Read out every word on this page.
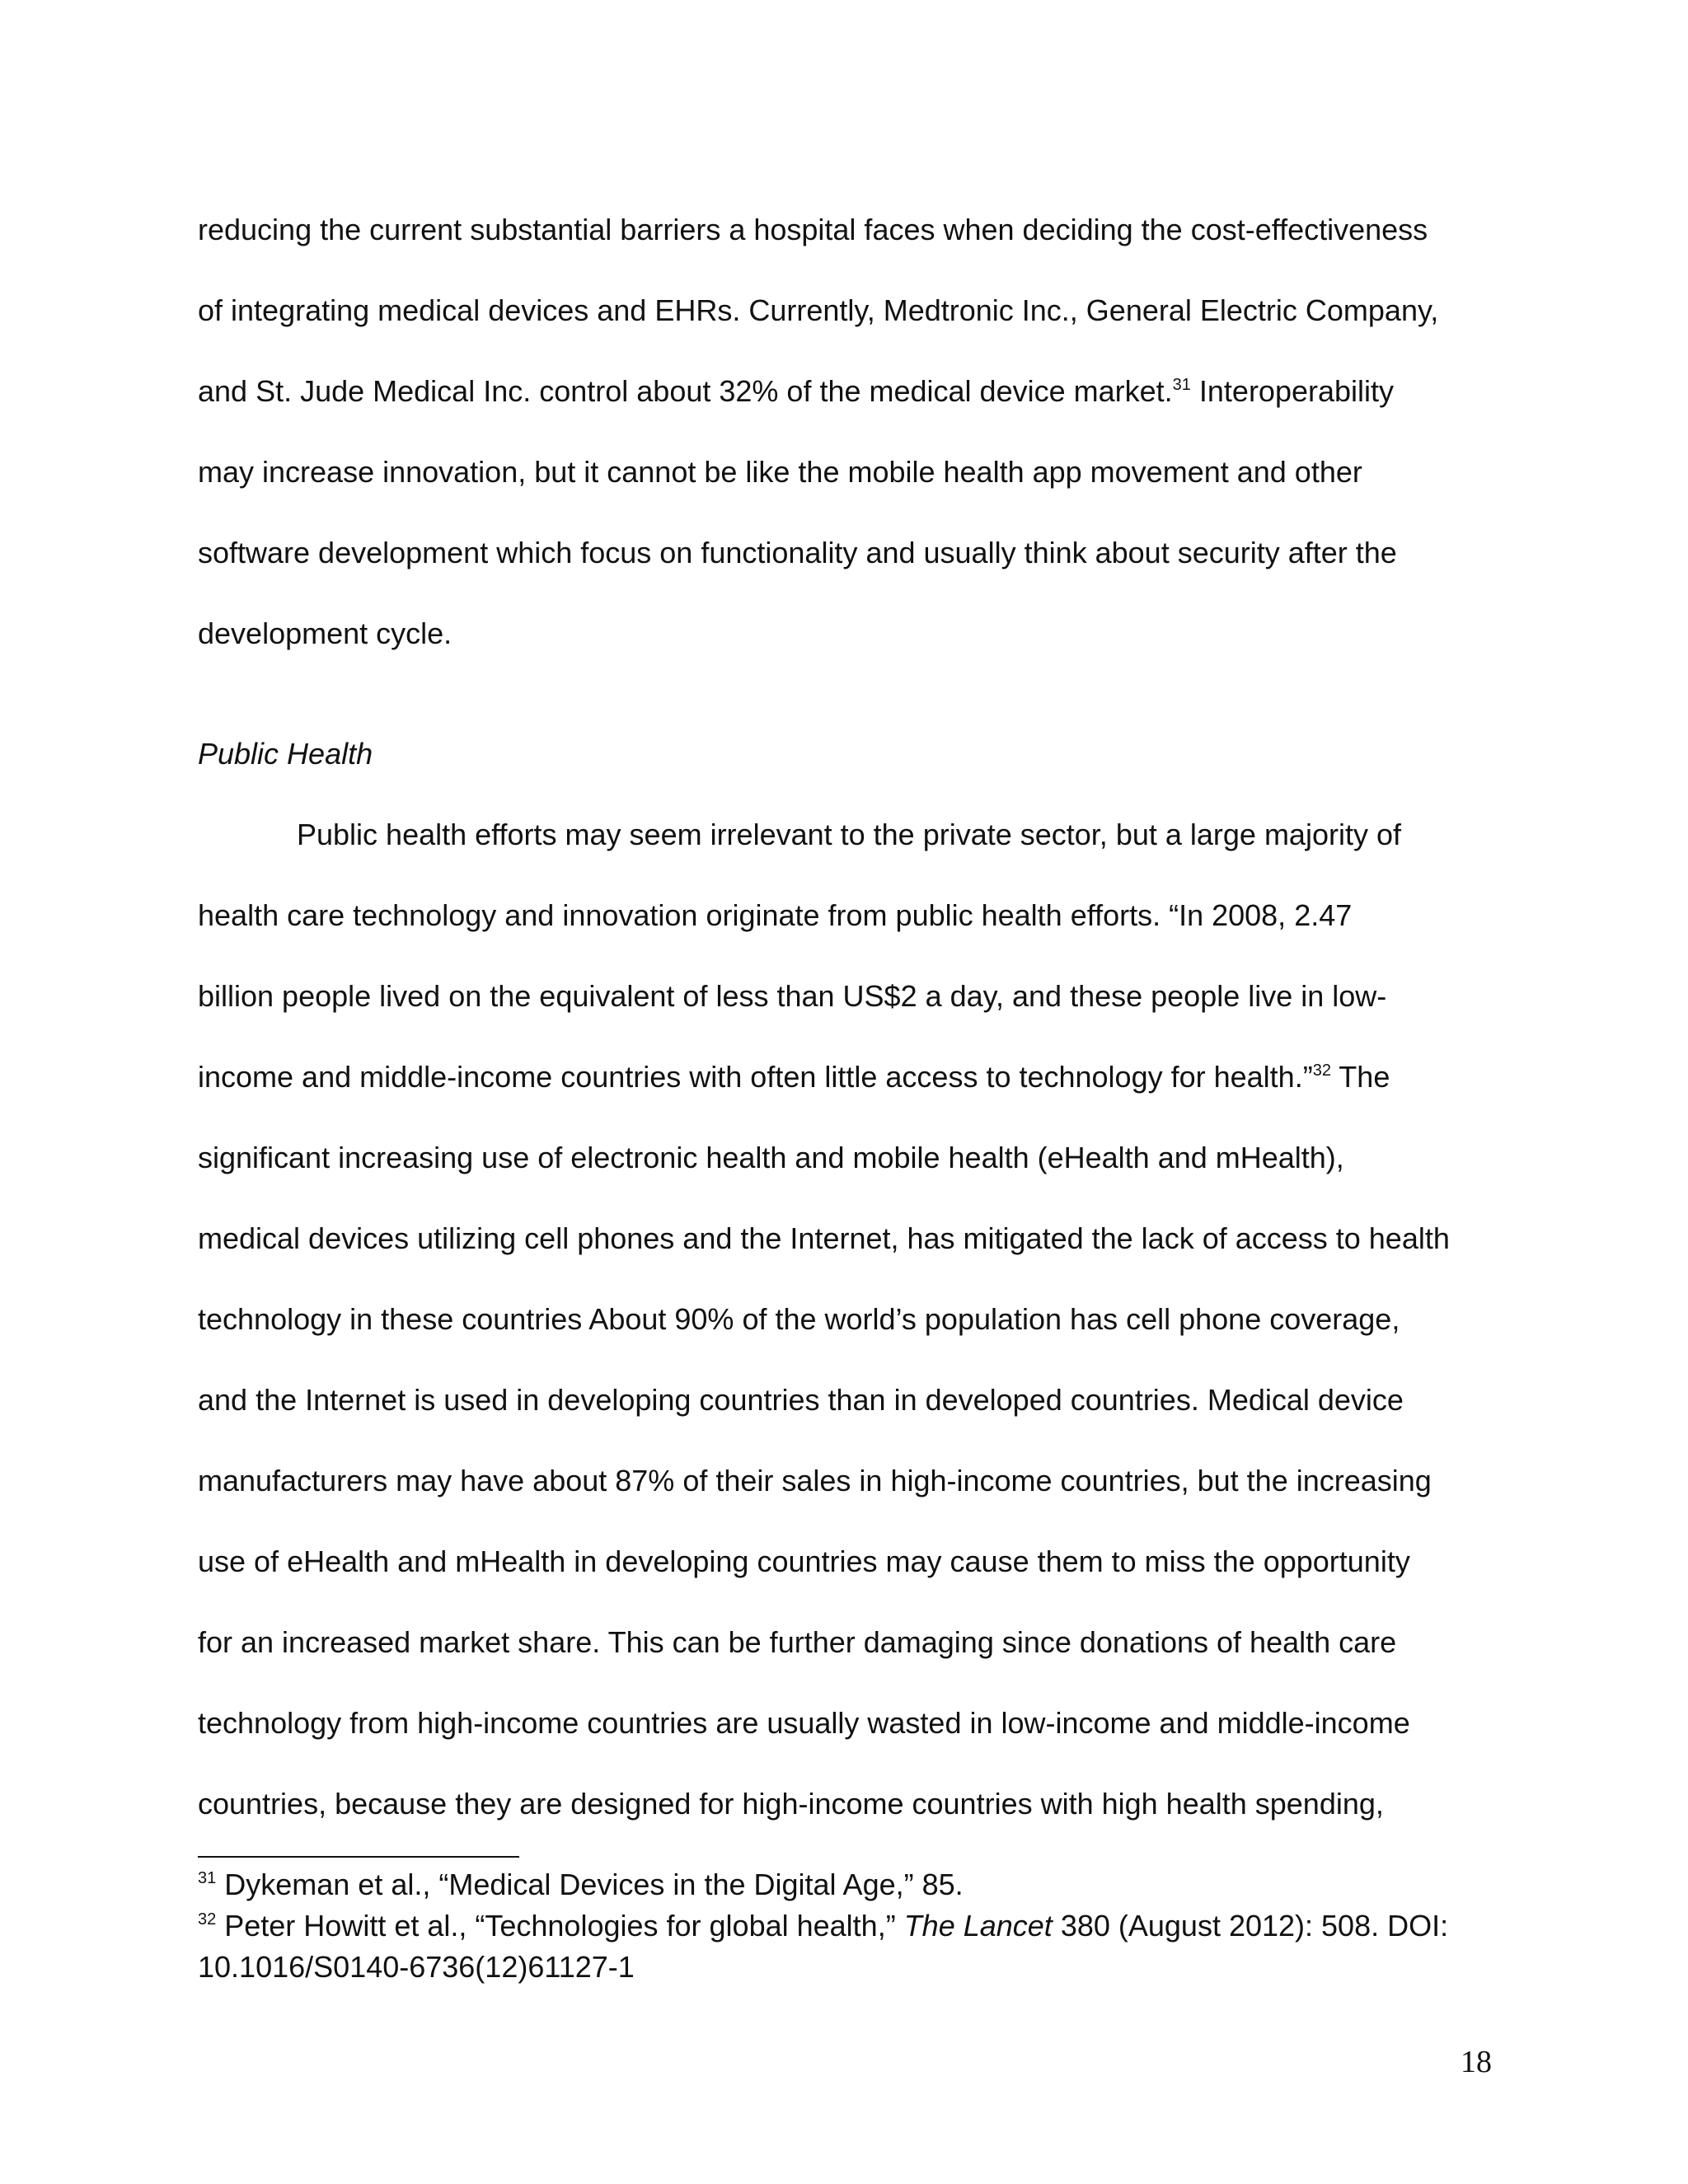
reducing the current substantial barriers a hospital faces when deciding the cost-effectiveness
of integrating medical devices and EHRs. Currently, Medtronic Inc., General Electric Company,
and St. Jude Medical Inc. control about 32% of the medical device market.$^{31}$ Interoperability
may increase innovation, but it cannot be like the mobile health app movement and other
software development which focus on functionality and usually think about security after the
development cycle.
Public Health
Public health efforts may seem irrelevant to the private sector, but a large majority of
health care technology and innovation originate from public health efforts. “In 2008, 2.47
billion people lived on the equivalent of less than US$2 a day, and these people live in low-
income and middle-income countries with often little access to technology for health.”$^{32}$ The
significant increasing use of electronic health and mobile health (eHealth and mHealth),
medical devices utilizing cell phones and the Internet, has mitigated the lack of access to health
technology in these countries About 90% of the world’s population has cell phone coverage,
and the Internet is used in developing countries than in developed countries. Medical device
manufacturers may have about 87% of their sales in high-income countries, but the increasing
use of eHealth and mHealth in developing countries may cause them to miss the opportunity
for an increased market share. This can be further damaging since donations of health care
technology from high-income countries are usually wasted in low-income and middle-income
countries, because they are designed for high-income countries with high health spending,
$^{31}$ Dykeman et al., “Medical Devices in the Digital Age,” 85.
$^{32}$ Peter Howitt et al., “Technologies for global health,” The Lancet 380 (August 2012): 508. DOI:
10.1016/S0140-6736(12)61127-1
18
